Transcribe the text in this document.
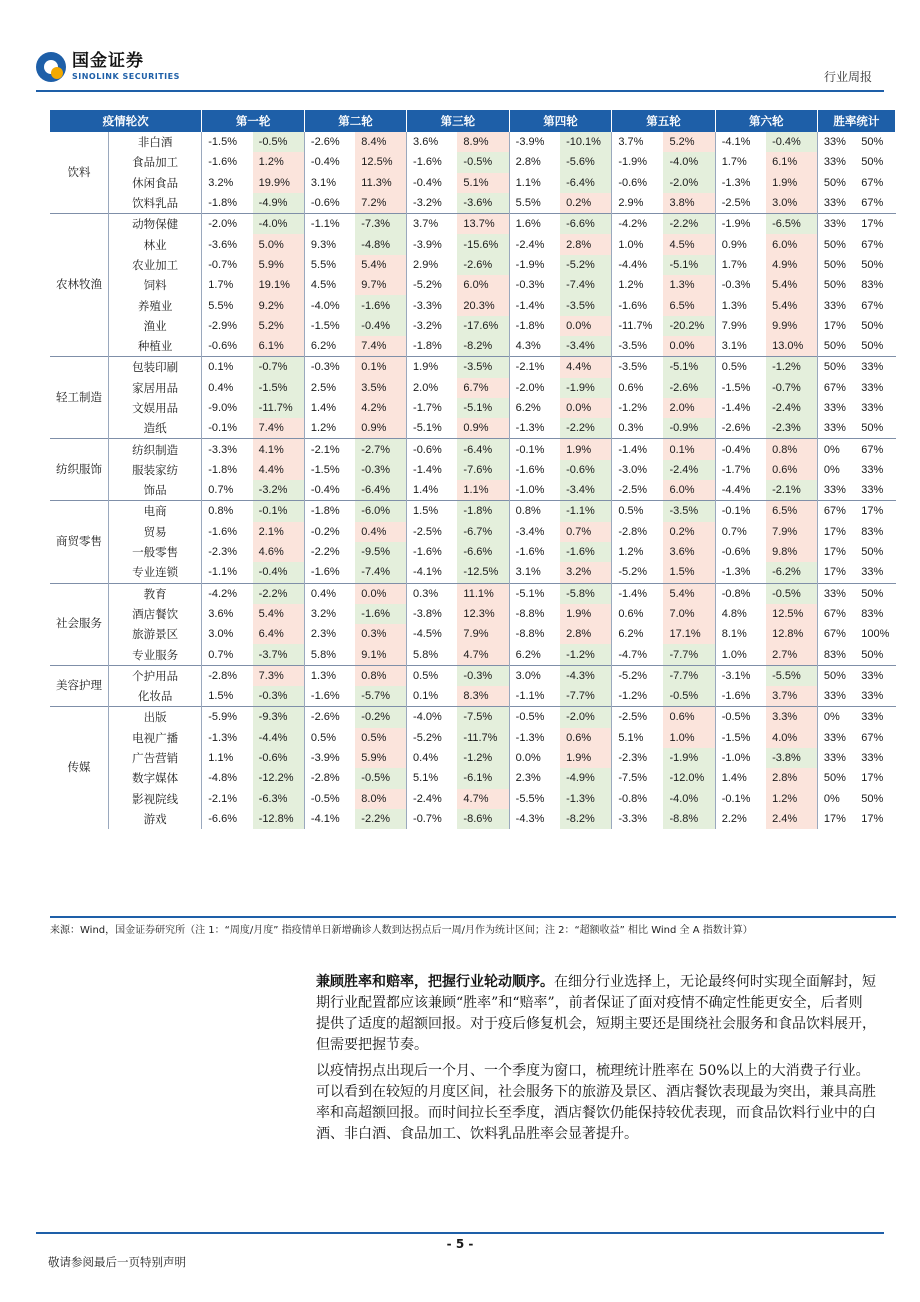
国金证券
SINOLINK SECURITIES	行业周报
疫情轮次		第一轮		第二轮		第三轮		第四轮		第五轮		第六轮		胜率统计	
饮料	非白酒	-1.5%	-0.5%	-2.6%	8.4%	3.6%	8.9%	-3.9%	-10.1%	3.7%	5.2%	-4.1%	-0.4%	33%	50%
	食品加工	-1.6%	1.2%	-0.4%	12.5%	-1.6%	-0.5%	2.8%	-5.6%	-1.9%	-4.0%	1.7%	6.1%	33%	50%
	休闲食品	3.2%	19.9%	3.1%	11.3%	-0.4%	5.1%	1.1%	-6.4%	-0.6%	-2.0%	-1.3%	1.9%	50%	67%
	饮料乳品	-1.8%	-4.9%	-0.6%	7.2%	-3.2%	-3.6%	5.5%	0.2%	2.9%	3.8%	-2.5%	3.0%	33%	67%
农林牧渔	动物保健	-2.0%	-4.0%	-1.1%	-7.3%	3.7%	13.7%	1.6%	-6.6%	-4.2%	-2.2%	-1.9%	-6.5%	33%	17%
	林业	-3.6%	5.0%	9.3%	-4.8%	-3.9%	-15.6%	-2.4%	2.8%	1.0%	4.5%	0.9%	6.0%	50%	67%
	农业加工	-0.7%	5.9%	5.5%	5.4%	2.9%	-2.6%	-1.9%	-5.2%	-4.4%	-5.1%	1.7%	4.9%	50%	50%
	饲料	1.7%	19.1%	4.5%	9.7%	-5.2%	6.0%	-0.3%	-7.4%	1.2%	1.3%	-0.3%	5.4%	50%	83%
	养殖业	5.5%	9.2%	-4.0%	-1.6%	-3.3%	20.3%	-1.4%	-3.5%	-1.6%	6.5%	1.3%	5.4%	33%	67%
	渔业	-2.9%	5.2%	-1.5%	-0.4%	-3.2%	-17.6%	-1.8%	0.0%	-11.7%	-20.2%	7.9%	9.9%	17%	50%
	种植业	-0.6%	6.1%	6.2%	7.4%	-1.8%	-8.2%	4.3%	-3.4%	-3.5%	0.0%	3.1%	13.0%	50%	50%
轻工制造	包装印刷	0.1%	-0.7%	-0.3%	0.1%	1.9%	-3.5%	-2.1%	4.4%	-3.5%	-5.1%	0.5%	-1.2%	50%	33%
	家居用品	0.4%	-1.5%	2.5%	3.5%	2.0%	6.7%	-2.0%	-1.9%	0.6%	-2.6%	-1.5%	-0.7%	67%	33%
	文娱用品	-9.0%	-11.7%	1.4%	4.2%	-1.7%	-5.1%	6.2%	0.0%	-1.2%	2.0%	-1.4%	-2.4%	33%	33%
	造纸	-0.1%	7.4%	1.2%	0.9%	-5.1%	0.9%	-1.3%	-2.2%	0.3%	-0.9%	-2.6%	-2.3%	33%	50%
纺织服饰	纺织制造	-3.3%	4.1%	-2.1%	-2.7%	-0.6%	-6.4%	-0.1%	1.9%	-1.4%	0.1%	-0.4%	0.8%	0%	67%
	服装家纺	-1.8%	4.4%	-1.5%	-0.3%	-1.4%	-7.6%	-1.6%	-0.6%	-3.0%	-2.4%	-1.7%	0.6%	0%	33%
	饰品	0.7%	-3.2%	-0.4%	-6.4%	1.4%	1.1%	-1.0%	-3.4%	-2.5%	6.0%	-4.4%	-2.1%	33%	33%
商贸零售	电商	0.8%	-0.1%	-1.8%	-6.0%	1.5%	-1.8%	0.8%	-1.1%	0.5%	-3.5%	-0.1%	6.5%	67%	17%
	贸易	-1.6%	2.1%	-0.2%	0.4%	-2.5%	-6.7%	-3.4%	0.7%	-2.8%	0.2%	0.7%	7.9%	17%	83%
	一般零售	-2.3%	4.6%	-2.2%	-9.5%	-1.6%	-6.6%	-1.6%	-1.6%	1.2%	3.6%	-0.6%	9.8%	17%	50%
	专业连锁	-1.1%	-0.4%	-1.6%	-7.4%	-4.1%	-12.5%	3.1%	3.2%	-5.2%	1.5%	-1.3%	-6.2%	17%	33%
社会服务	教育	-4.2%	-2.2%	0.4%	0.0%	0.3%	11.1%	-5.1%	-5.8%	-1.4%	5.4%	-0.8%	-0.5%	33%	50%
	酒店餐饮	3.6%	5.4%	3.2%	-1.6%	-3.8%	12.3%	-8.8%	1.9%	0.6%	7.0%	4.8%	12.5%	67%	83%
	旅游景区	3.0%	6.4%	2.3%	0.3%	-4.5%	7.9%	-8.8%	2.8%	6.2%	17.1%	8.1%	12.8%	67%	100%
	专业服务	0.7%	-3.7%	5.8%	9.1%	5.8%	4.7%	6.2%	-1.2%	-4.7%	-7.7%	1.0%	2.7%	83%	50%
美容护理	个护用品	-2.8%	7.3%	1.3%	0.8%	0.5%	-0.3%	3.0%	-4.3%	-5.2%	-7.7%	-3.1%	-5.5%	50%	33%
	化妆品	1.5%	-0.3%	-1.6%	-5.7%	0.1%	8.3%	-1.1%	-7.7%	-1.2%	-0.5%	-1.6%	3.7%	33%	33%
传媒	出版	-5.9%	-9.3%	-2.6%	-0.2%	-4.0%	-7.5%	-0.5%	-2.0%	-2.5%	0.6%	-0.5%	3.3%	0%	33%
	电视广播	-1.3%	-4.4%	0.5%	0.5%	-5.2%	-11.7%	-1.3%	0.6%	5.1%	1.0%	-1.5%	4.0%	33%	67%
	广告营销	1.1%	-0.6%	-3.9%	5.9%	0.4%	-1.2%	0.0%	1.9%	-2.3%	-1.9%	-1.0%	-3.8%	33%	33%
	数字媒体	-4.8%	-12.2%	-2.8%	-0.5%	5.1%	-6.1%	2.3%	-4.9%	-7.5%	-12.0%	1.4%	2.8%	50%	17%
	影视院线	-2.1%	-6.3%	-0.5%	8.0%	-2.4%	4.7%	-5.5%	-1.3%	-0.8%	-4.0%	-0.1%	1.2%	0%	50%
	游戏	-6.6%	-12.8%	-4.1%	-2.2%	-0.7%	-8.6%	-4.3%	-8.2%	-3.3%	-8.8%	2.2%	2.4%	17%	17%
来源：Wind，国金证券研究所（注 1：“周度/月度” 指疫情单日新增确诊人数到达拐点后一周/月作为统计区间；注 2：“超额收益” 相比 Wind 全 A 指数计算）
兼顾胜率和赔率，把握行业轮动顺序。在细分行业选择上，无论最终何时实现全面解封，短期行业配置都应该兼顾“胜率”和“赔率”，前者保证了面对疫情不确定性能更安全，后者则提供了适度的超额回报。对于疫后修复机会，短期主要还是围绕社会服务和食品饮料展开，但需要把握节奏。
以疫情拐点出现后一个月、一个季度为窗口，梳理统计胜率在 50%以上的大消费子行业。可以看到在较短的月度区间，社会服务下的旅游及景区、酒店餐饮表现最为突出，兼具高胜率和高超额回报。而时间拉长至季度，酒店餐饮仍能保持较优表现，而食品饮料行业中的白酒、非白酒、食品加工、饮料乳品胜率会显著提升。
- 5 -
敬请参阅最后一页特别声明
